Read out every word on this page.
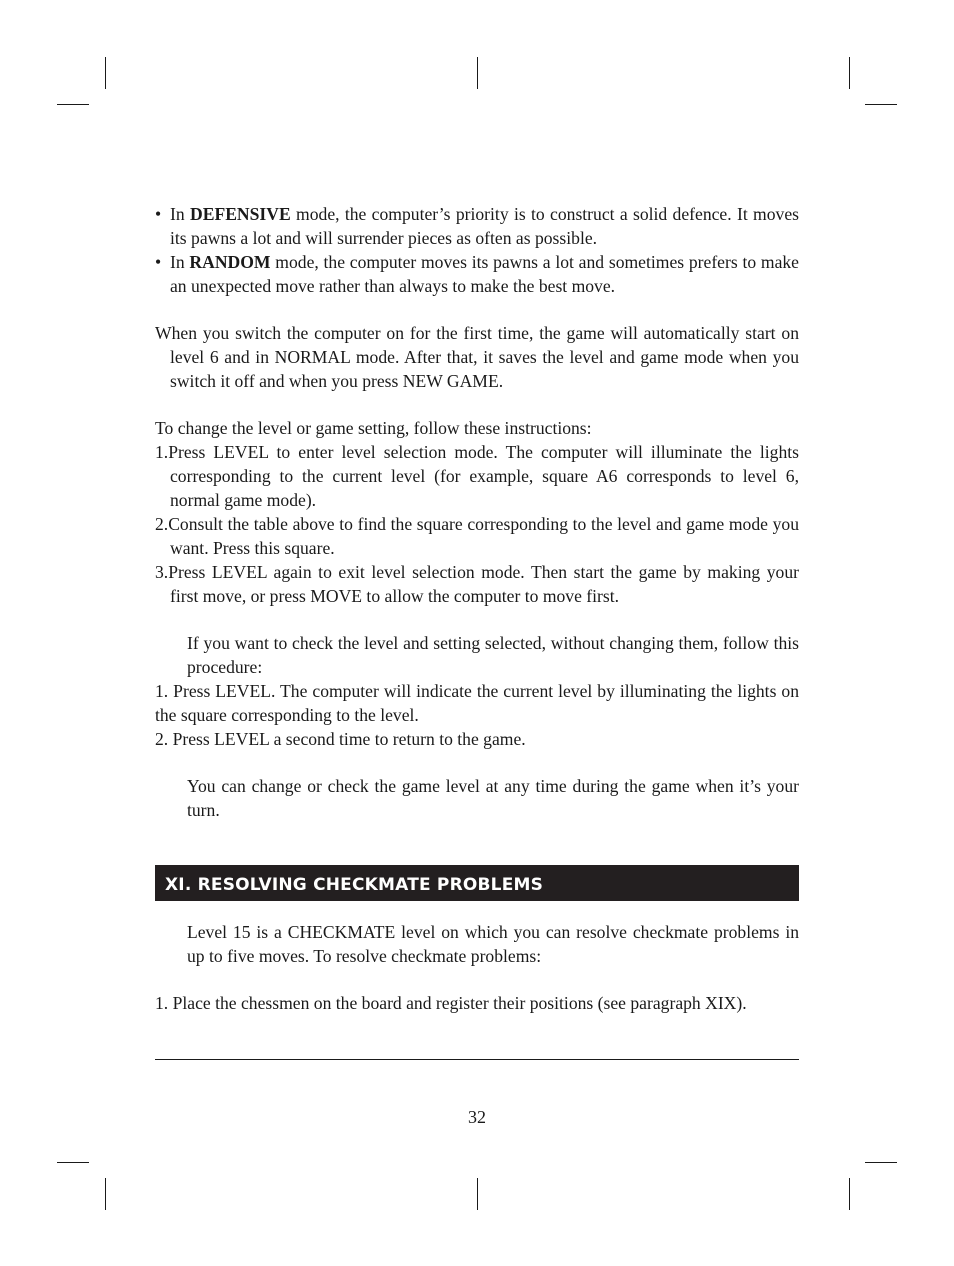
• In DEFENSIVE mode, the computer’s priority is to construct a solid defence. It moves its pawns a lot and will surrender pieces as often as possible.
• In RANDOM mode, the computer moves its pawns a lot and sometimes prefers to make an unexpected move rather than always to make the best move.

When you switch the computer on for the first time, the game will automatically start on level 6 and in NORMAL mode. After that, it saves the level and game mode when you switch it off and when you press NEW GAME.

To change the level or game setting, follow these instructions:

1.Press LEVEL to enter level selection mode. The computer will illuminate the lights corresponding to the current level (for example, square A6 corresponds to level 6, normal game mode).

2.Consult the table above to find the square corresponding to the level and game mode you want. Press this square.

3.Press LEVEL again to exit level selection mode. Then start the game by making your first move, or press MOVE to allow the computer to move first.

If you want to check the level and setting selected, without changing them, follow this procedure:

1. Press LEVEL. The computer will indicate the current level by illuminating the lights on the square corresponding to the level.

2. Press LEVEL a second time to return to the game.

You can change or check the game level at any time during the game when it’s your turn.

XI. RESOLVING CHECKMATE PROBLEMS

Level 15 is a CHECKMATE level on which you can resolve checkmate problems in up to five moves. To resolve checkmate problems:

1. Place the chessmen on the board and register their positions (see paragraph XIX).

32
